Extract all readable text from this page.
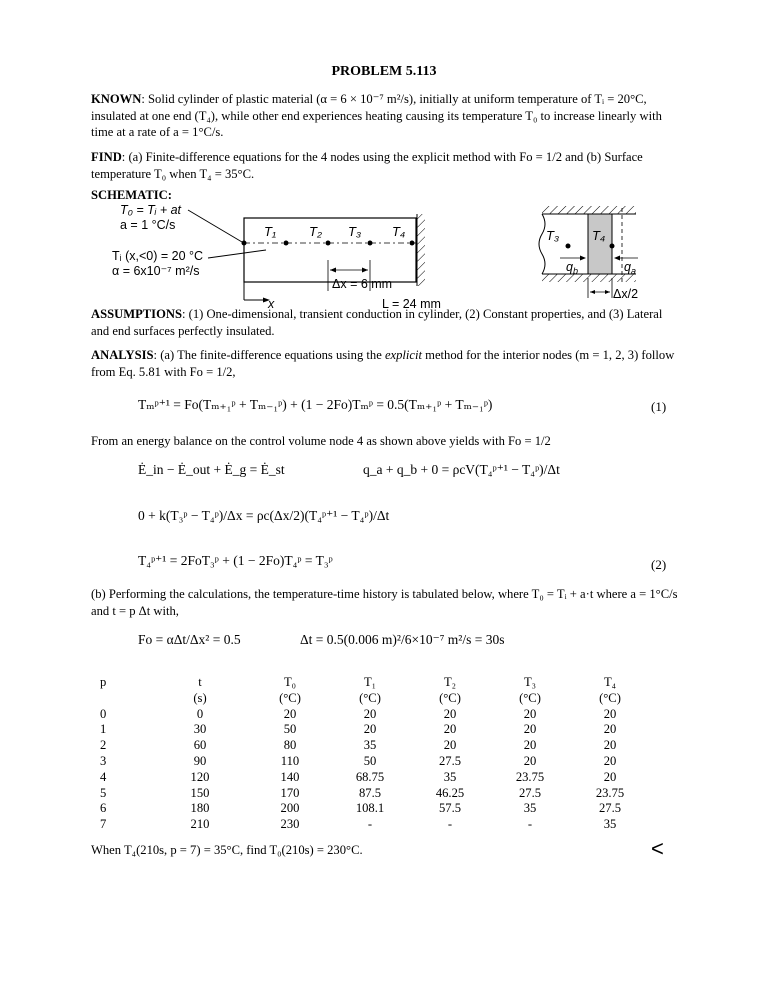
PROBLEM 5.113
KNOWN: Solid cylinder of plastic material (α = 6 × 10⁻⁷ m²/s), initially at uniform temperature of Tᵢ = 20°C, insulated at one end (T₄), while other end experiences heating causing its temperature T₀ to increase linearly with time at a rate of a = 1°C/s.
FIND: (a) Finite-difference equations for the 4 nodes using the explicit method with Fo = 1/2 and (b) Surface temperature T₀ when T₄ = 35°C.
SCHEMATIC:
T₀ = Tᵢ + at
a = 1 °C/s
Tᵢ (x,<0) = 20 °C
α = 6x10⁻⁷ m²/s
T₁	T₂ T₃ T₄
Δx = 6 mm
x	L = 24 mm
T₃	T₄
$q_b$	$q_a$
Δx/2
ASSUMPTIONS: (1) One-dimensional, transient conduction in cylinder, (2) Constant properties, and (3) Lateral and end surfaces perfectly insulated.
ANALYSIS: (a) The finite-difference equations using the explicit method for the interior nodes (m = 1, 2, 3) follow from Eq. 5.81 with Fo = 1/2,
Tₘᵖ⁺¹ = Fo(Tₘ₊₁ᵖ + Tₘ₋₁ᵖ) + (1 − 2Fo)Tₘᵖ = 0.5(Tₘ₊₁ᵖ + Tₘ₋₁ᵖ)	(1)
From an energy balance on the control volume node 4 as shown above yields with Fo = 1/2
Ė_in − Ė_out + Ė_g = Ė_st	q_a + q_b + 0 = ρcV(T₄ᵖ⁺¹ − T₄ᵖ)/Δt
0 + k(T₃ᵖ − T₄ᵖ)/Δx = ρc(Δx/2)(T₄ᵖ⁺¹ − T₄ᵖ)/Δt
T₄ᵖ⁺¹ = 2FoT₃ᵖ + (1 − 2Fo)T₄ᵖ = T₃ᵖ	(2)
(b) Performing the calculations, the temperature-time history is tabulated below, where T₀ = Tᵢ + a·t where a = 1°C/s and t = p Δt with,
Fo = αΔt/Δx² = 0.5	Δt = 0.5(0.006 m)²/6×10⁻⁷ m²/s = 30s
p	t	T₀	T₁	T₂	T₃	T₄
	(s)	(°C)	(°C)	(°C)	(°C)	(°C)
0	0	20	20	20	20	20
1	30	50	20	20	20	20
2	60	80	35	20	20	20
3	90	110	50	27.5	20	20
4	120	140	68.75	35	23.75	20
5	150	170	87.5	46.25	27.5	23.75
6	180	200	108.1	57.5	35	27.5
7	210	230	-	-	-	35
When T₄(210s, p = 7) = 35°C, find T₀(210s) = 230°C.	<
